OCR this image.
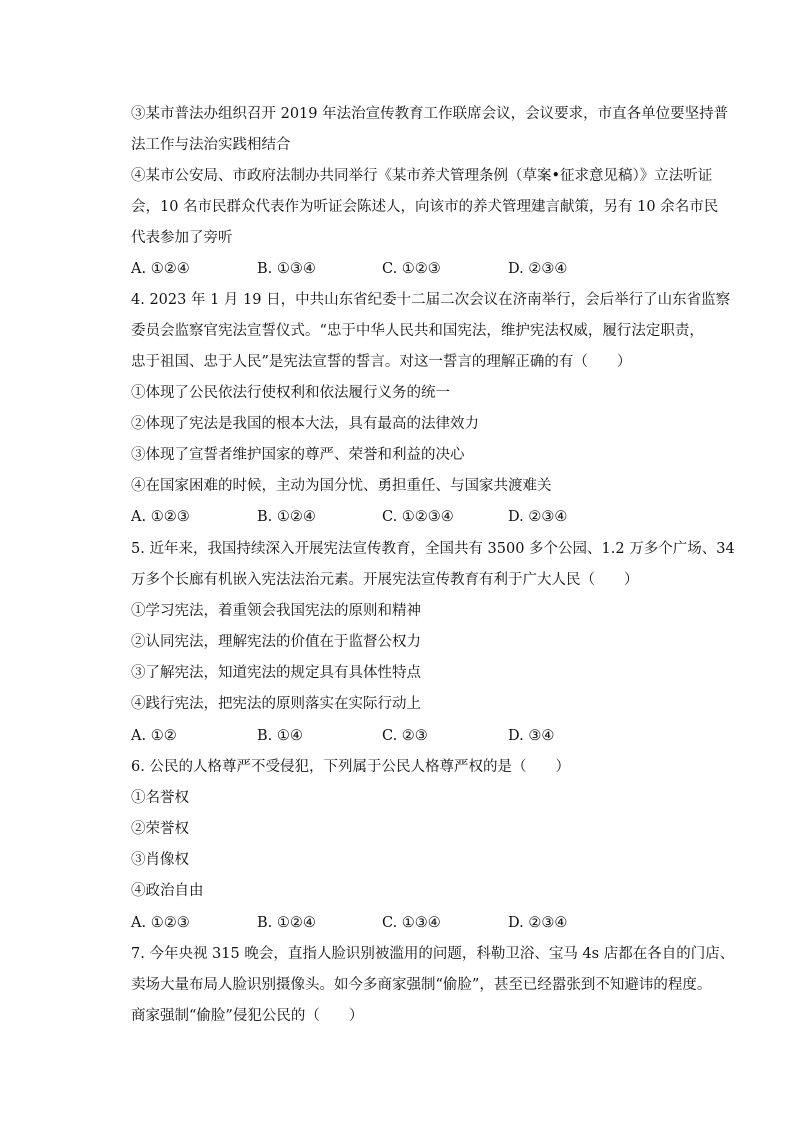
③某市普法办组织召开 2019 年法治宣传教育工作联席会议，会议要求，市直各单位要坚持普
法工作与法治实践相结合
④某市公安局、市政府法制办共同举行《某市养犬管理条例（草案•征求意见稿）》立法听证
会，10 名市民群众代表作为听证会陈述人，向该市的养犬管理建言献策，另有 10 余名市民
代表参加了旁听
A. ①②④	B. ①③④	C. ①②③	D. ②③④
4. 2023 年 1 月 19 日，中共山东省纪委十二届二次会议在济南举行，会后举行了山东省监察
委员会监察官宪法宣誓仪式。“忠于中华人民共和国宪法，维护宪法权威，履行法定职责，
忠于祖国、忠于人民”是宪法宣誓的誓言。对这一誓言的理解正确的有（　　）
①体现了公民依法行使权利和依法履行义务的统一
②体现了宪法是我国的根本大法，具有最高的法律效力
③体现了宣誓者维护国家的尊严、荣誉和利益的决心
④在国家困难的时候，主动为国分忧、勇担重任、与国家共渡难关
A. ①②③	B. ①②④	C. ①②③④	D. ②③④
5. 近年来，我国持续深入开展宪法宣传教育，全国共有 3500 多个公园、1.2 万多个广场、34
万多个长廊有机嵌入宪法法治元素。开展宪法宣传教育有利于广大人民（　　）
①学习宪法，着重领会我国宪法的原则和精神
②认同宪法，理解宪法的价值在于监督公权力
③了解宪法，知道宪法的规定具有具体性特点
④践行宪法，把宪法的原则落实在实际行动上
A. ①②	B. ①④	C. ②③	D. ③④
6. 公民的人格尊严不受侵犯，下列属于公民人格尊严权的是（　　）
①名誉权
②荣誉权
③肖像权
④政治自由
A. ①②③	B. ①②④	C. ①③④	D. ②③④
7. 今年央视 315 晚会，直指人脸识别被滥用的问题，科勒卫浴、宝马 4s 店都在各自的门店、
卖场大量布局人脸识别摄像头。如今多商家强制“偷脸”，甚至已经嚣张到不知避讳的程度。
商家强制“偷脸”侵犯公民的（　　）
